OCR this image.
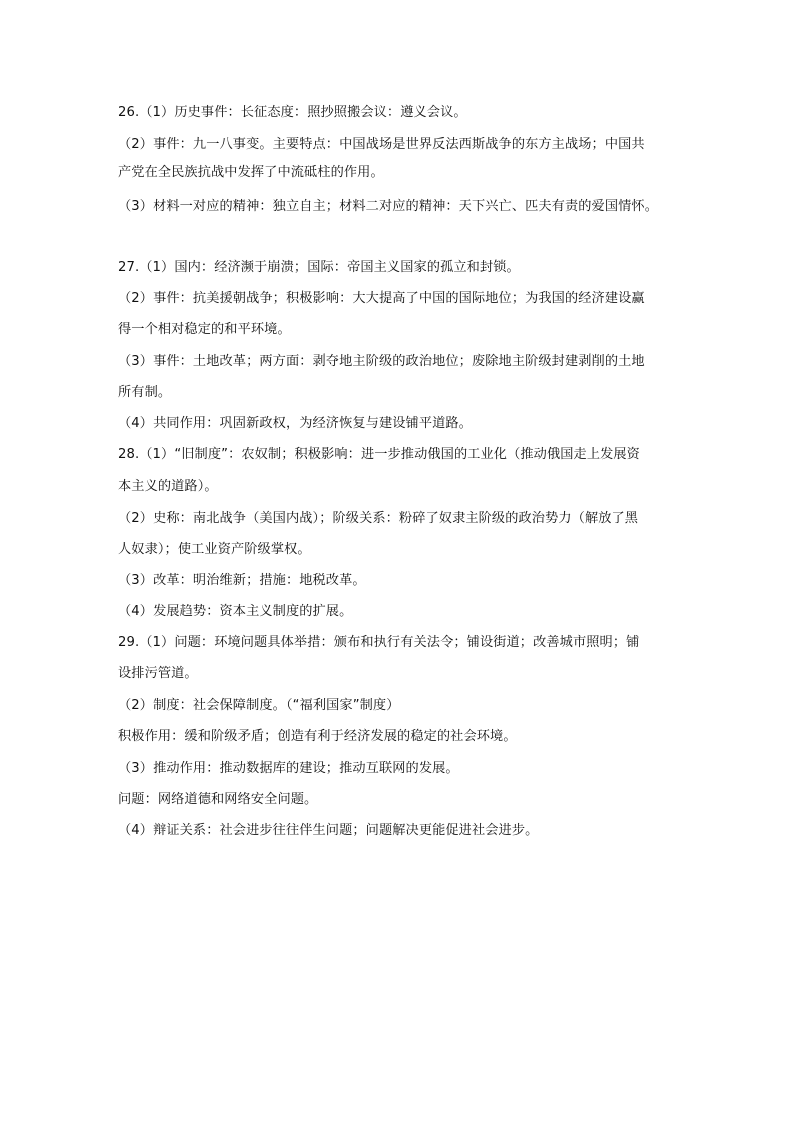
26.（1）历史事件：长征态度：照抄照搬会议：遵义会议。
（2）事件：九一八事变。主要特点：中国战场是世界反法西斯战争的东方主战场；中国共
产党在全民族抗战中发挥了中流砥柱的作用。
（3）材料一对应的精神：独立自主；材料二对应的精神：天下兴亡、匹夫有责的爱国情怀。
27.（1）国内：经济濒于崩溃；国际：帝国主义国家的孤立和封锁。
（2）事件：抗美援朝战争；积极影响：大大提高了中国的国际地位；为我国的经济建设赢
得一个相对稳定的和平环境。
（3）事件：土地改革；两方面：剥夺地主阶级的政治地位；废除地主阶级封建剥削的土地
所有制。
（4）共同作用：巩固新政权，为经济恢复与建设铺平道路。
28.（1）“旧制度”：农奴制；积极影响：进一步推动俄国的工业化（推动俄国走上发展资
本主义的道路）。
（2）史称：南北战争（美国内战）；阶级关系：粉碎了奴隶主阶级的政治势力（解放了黑
人奴隶）；使工业资产阶级掌权。
（3）改革：明治维新；措施：地税改革。
（4）发展趋势：资本主义制度的扩展。
29.（1）问题：环境问题具体举措：颁布和执行有关法令；铺设街道；改善城市照明；铺
设排污管道。
（2）制度：社会保障制度。（“福利国家”制度）
积极作用：缓和阶级矛盾；创造有利于经济发展的稳定的社会环境。
（3）推动作用：推动数据库的建设；推动互联网的发展。
问题：网络道德和网络安全问题。
（4）辩证关系：社会进步往往伴生问题；问题解决更能促进社会进步。
